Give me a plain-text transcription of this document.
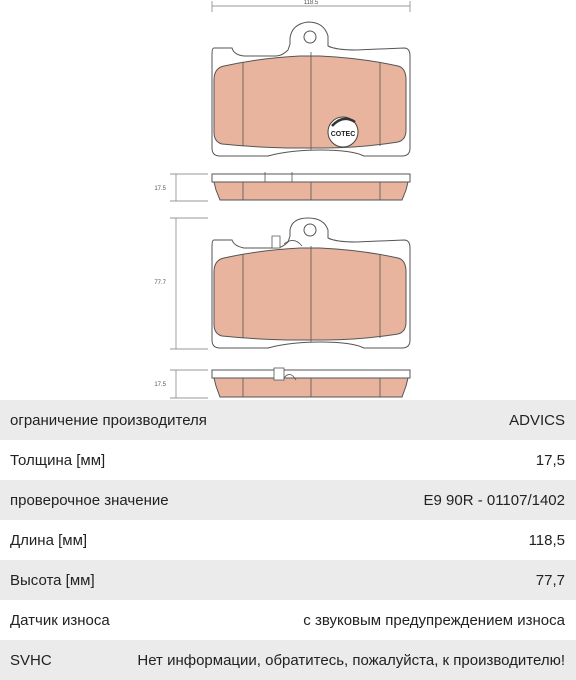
118.5
COTEC
17.5
77.7
17.5
ограничение производителя	ADVICS
Толщина [мм]	17,5
проверочное значение	E9 90R - 01107/1402
Длина [мм]	118,5
Высота [мм]	77,7
Датчик износа	с звуковым предупреждением износа
SVHC	Нет информации, обратитесь, пожалуйста, к производителю!
